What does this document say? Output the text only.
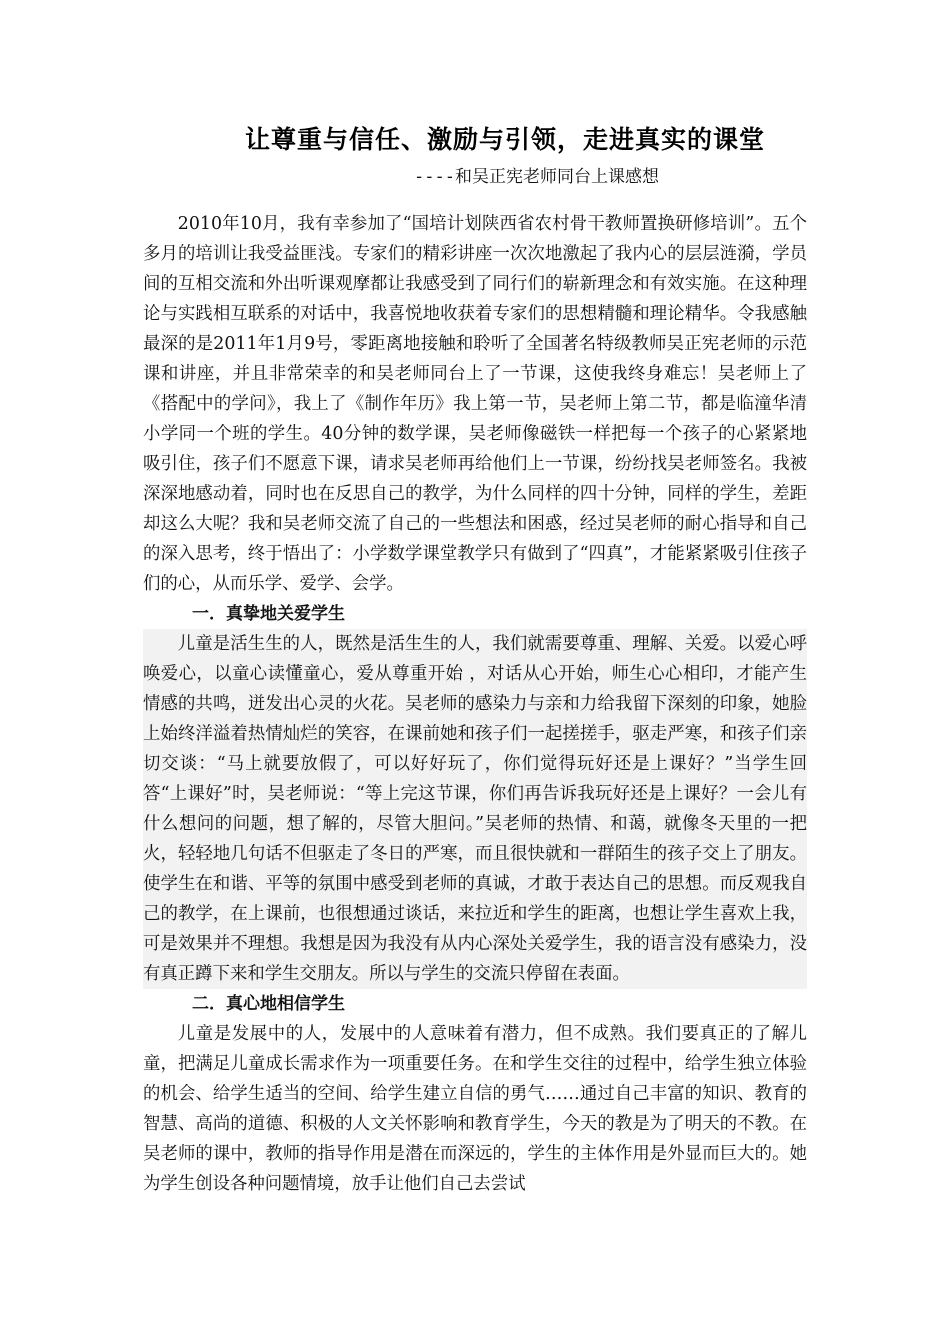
让尊重与信任、激励与引领，走进真实的课堂
----和吴正宪老师同台上课感想

2010年10月，我有幸参加了“国培计划陕西省农村骨干教师置换研修培训”。五个多月的培训让我受益匪浅。专家们的精彩讲座一次次地激起了我内心的层层涟漪，学员间的互相交流和外出听课观摩都让我感受到了同行们的崭新理念和有效实施。在这种理论与实践相互联系的对话中，我喜悦地收获着专家们的思想精髓和理论精华。令我感触最深的是2011年1月9号，零距离地接触和聆听了全国著名特级教师吴正宪老师的示范课和讲座，并且非常荣幸的和吴老师同台上了一节课，这使我终身难忘！吴老师上了《搭配中的学问》，我上了《制作年历》我上第一节，吴老师上第二节，都是临潼华清小学同一个班的学生。40分钟的数学课，吴老师像磁铁一样把每一个孩子的心紧紧地吸引住，孩子们不愿意下课，请求吴老师再给他们上一节课，纷纷找吴老师签名。我被深深地感动着，同时也在反思自己的教学，为什么同样的四十分钟，同样的学生，差距却这么大呢？我和吴老师交流了自己的一些想法和困惑，经过吴老师的耐心指导和自己的深入思考，终于悟出了：小学数学课堂教学只有做到了“四真”，才能紧紧吸引住孩子们的心，从而乐学、爱学、会学。

一．真挚地关爱学生

儿童是活生生的人，既然是活生生的人，我们就需要尊重、理解、关爱。以爱心呼唤爱心，以童心读懂童心，爱从尊重开始 ，对话从心开始，师生心心相印，才能产生情感的共鸣，迸发出心灵的火花。吴老师的感染力与亲和力给我留下深刻的印象，她脸上始终洋溢着热情灿烂的笑容，在课前她和孩子们一起搓搓手，驱走严寒，和孩子们亲切交谈：“马上就要放假了，可以好好玩了，你们觉得玩好还是上课好？”当学生回答“上课好”时，吴老师说：“等上完这节课，你们再告诉我玩好还是上课好？一会儿有什么想问的问题，想了解的，尽管大胆问。”吴老师的热情、和蔼，就像冬天里的一把火，轻轻地几句话不但驱走了冬日的严寒，而且很快就和一群陌生的孩子交上了朋友。使学生在和谐、平等的氛围中感受到老师的真诚，才敢于表达自己的思想。而反观我自己的教学，在上课前，也很想通过谈话，来拉近和学生的距离，也想让学生喜欢上我，可是效果并不理想。我想是因为我没有从内心深处关爱学生，我的语言没有感染力，没有真正蹲下来和学生交朋友。所以与学生的交流只停留在表面。

二．真心地相信学生

儿童是发展中的人，发展中的人意味着有潜力，但不成熟。我们要真正的了解儿童，把满足儿童成长需求作为一项重要任务。在和学生交往的过程中，给学生独立体验的机会、给学生适当的空间、给学生建立自信的勇气……通过自己丰富的知识、教育的智慧、高尚的道德、积极的人文关怀影响和教育学生，今天的教是为了明天的不教。在吴老师的课中，教师的指导作用是潜在而深远的，学生的主体作用是外显而巨大的。她为学生创设各种问题情境，放手让他们自己去尝试
